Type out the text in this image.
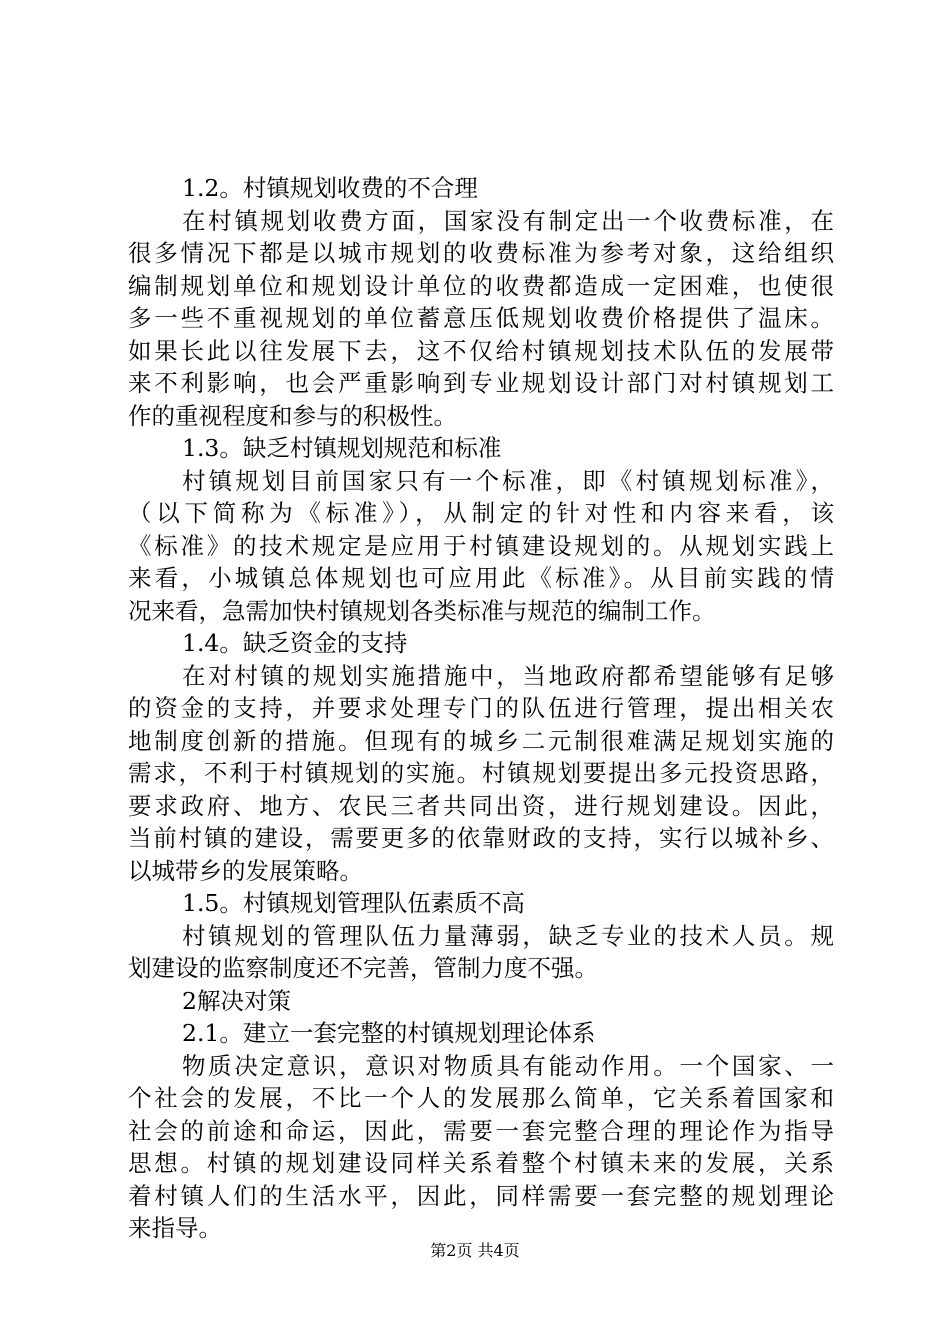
1.2。村镇规划收费的不合理
在村镇规划收费方面，国家没有制定出一个收费标准，在
很多情况下都是以城市规划的收费标准为参考对象，这给组织
编制规划单位和规划设计单位的收费都造成一定困难，也使很
多一些不重视规划的单位蓄意压低规划收费价格提供了温床。
如果长此以往发展下去，这不仅给村镇规划技术队伍的发展带
来不利影响，也会严重影响到专业规划设计部门对村镇规划工
作的重视程度和参与的积极性。
1.3。缺乏村镇规划规范和标准
村镇规划目前国家只有一个标准，即《村镇规划标准》，
（以下简称为《标准》），从制定的针对性和内容来看，该
《标准》的技术规定是应用于村镇建设规划的。从规划实践上
来看，小城镇总体规划也可应用此《标准》。从目前实践的情
况来看，急需加快村镇规划各类标准与规范的编制工作。
1.4。缺乏资金的支持
在对村镇的规划实施措施中，当地政府都希望能够有足够
的资金的支持，并要求处理专门的队伍进行管理，提出相关农
地制度创新的措施。但现有的城乡二元制很难满足规划实施的
需求，不利于村镇规划的实施。村镇规划要提出多元投资思路，
要求政府、地方、农民三者共同出资，进行规划建设。因此，
当前村镇的建设，需要更多的依靠财政的支持，实行以城补乡、
以城带乡的发展策略。
1.5。村镇规划管理队伍素质不高
村镇规划的管理队伍力量薄弱，缺乏专业的技术人员。规
划建设的监察制度还不完善，管制力度不强。
2解决对策
2.1。建立一套完整的村镇规划理论体系
物质决定意识，意识对物质具有能动作用。一个国家、一
个社会的发展，不比一个人的发展那么简单，它关系着国家和
社会的前途和命运，因此，需要一套完整合理的理论作为指导
思想。村镇的规划建设同样关系着整个村镇未来的发展，关系
着村镇人们的生活水平，因此，同样需要一套完整的规划理论
来指导。
第2页 共4页
